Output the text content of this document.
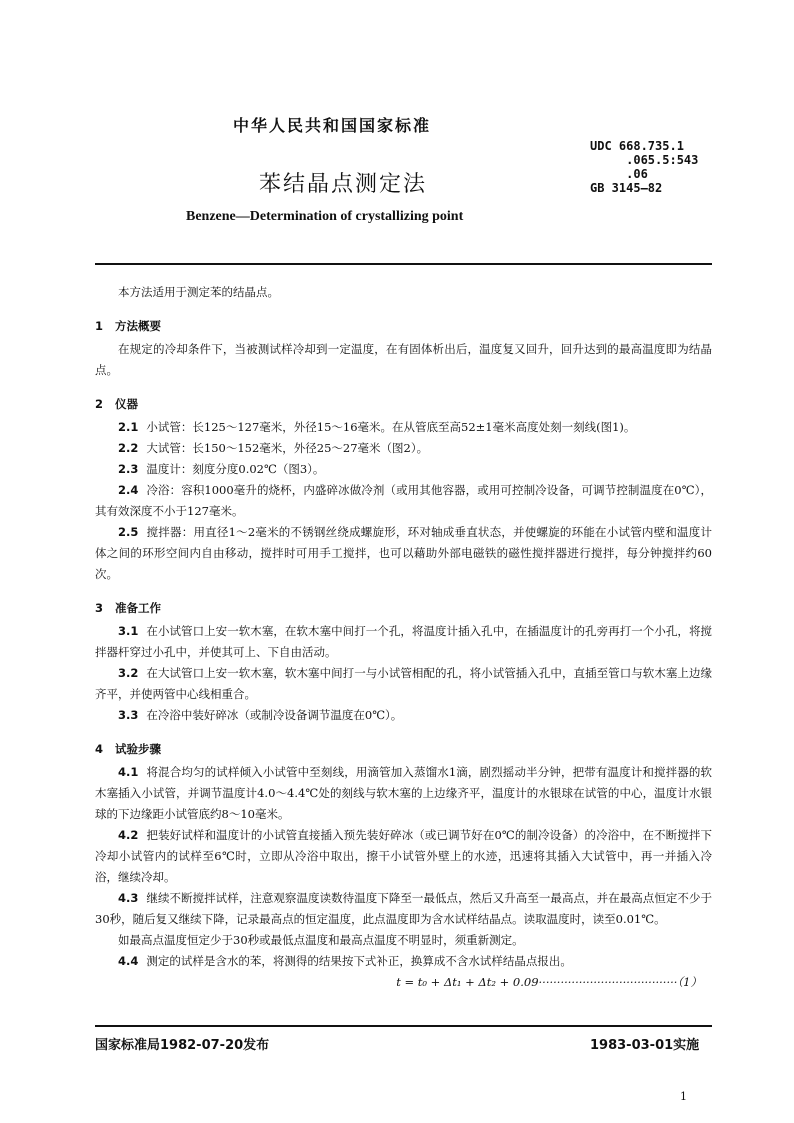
中华人民共和国国家标准
苯结晶点测定法
Benzene—Determination of crystallizing point
UDC 668.735.1
.065.5:543
.06
GB 3145—82

本方法适用于测定苯的结晶点。

1 方法概要

在规定的冷却条件下，当被测试样冷却到一定温度，在有固体析出后，温度复又回升，回升达到的最高温度即为结晶点。

2 仪器

2.1 小试管：长125～127毫米，外径15～16毫米。在从管底至高52±1毫米高度处刻一刻线(图1)。

2.2 大试管：长150～152毫米，外径25～27毫米（图2）。

2.3 温度计：刻度分度0.02℃（图3）。

2.4 冷浴：容积1000毫升的烧杯，内盛碎冰做冷剂（或用其他容器，或用可控制冷设备，可调节控制温度在0℃），其有效深度不小于127毫米。

2.5 搅拌器：用直径1～2毫米的不锈钢丝绕成螺旋形，环对轴成垂直状态，并使螺旋的环能在小试管内壁和温度计体之间的环形空间内自由移动，搅拌时可用手工搅拌，也可以藉助外部电磁铁的磁性搅拌器进行搅拌，每分钟搅拌约60次。

3 准备工作

3.1 在小试管口上安一软木塞，在软木塞中间打一个孔，将温度计插入孔中，在插温度计的孔旁再打一个小孔，将搅拌器杆穿过小孔中，并使其可上、下自由活动。

3.2 在大试管口上安一软木塞，软木塞中间打一与小试管相配的孔，将小试管插入孔中，直插至管口与软木塞上边缘齐平，并使两管中心线相重合。

3.3 在冷浴中装好碎冰（或制冷设备调节温度在0℃）。

4 试验步骤

4.1 将混合均匀的试样倾入小试管中至刻线，用滴管加入蒸馏水1滴，剧烈摇动半分钟，把带有温度计和搅拌器的软木塞插入小试管，并调节温度计4.0～4.4℃处的刻线与软木塞的上边缘齐平，温度计的水银球在试管的中心，温度计水银球的下边缘距小试管底约8～10毫米。

4.2 把装好试样和温度计的小试管直接插入预先装好碎冰（或已调节好在0℃的制冷设备）的冷浴中，在不断搅拌下冷却小试管内的试样至6℃时，立即从冷浴中取出，擦干小试管外壁上的水迹，迅速将其插入大试管中，再一并插入冷浴，继续冷却。

4.3 继续不断搅拌试样，注意观察温度读数待温度下降至一最低点，然后又升高至一最高点，并在最高点恒定不少于30秒，随后复又继续下降，记录最高点的恒定温度，此点温度即为含水试样结晶点。读取温度时，读至0.01℃。

如最高点温度恒定少于30秒或最低点温度和最高点温度不明显时，须重新测定。

4.4 测定的试样是含水的苯，将测得的结果按下式补正，换算成不含水试样结晶点报出。

t = t₀ + Δt₁ + Δt₂ + 0.09······································（1）

国家标准局1982-07-20发布	1983-03-01实施
1
